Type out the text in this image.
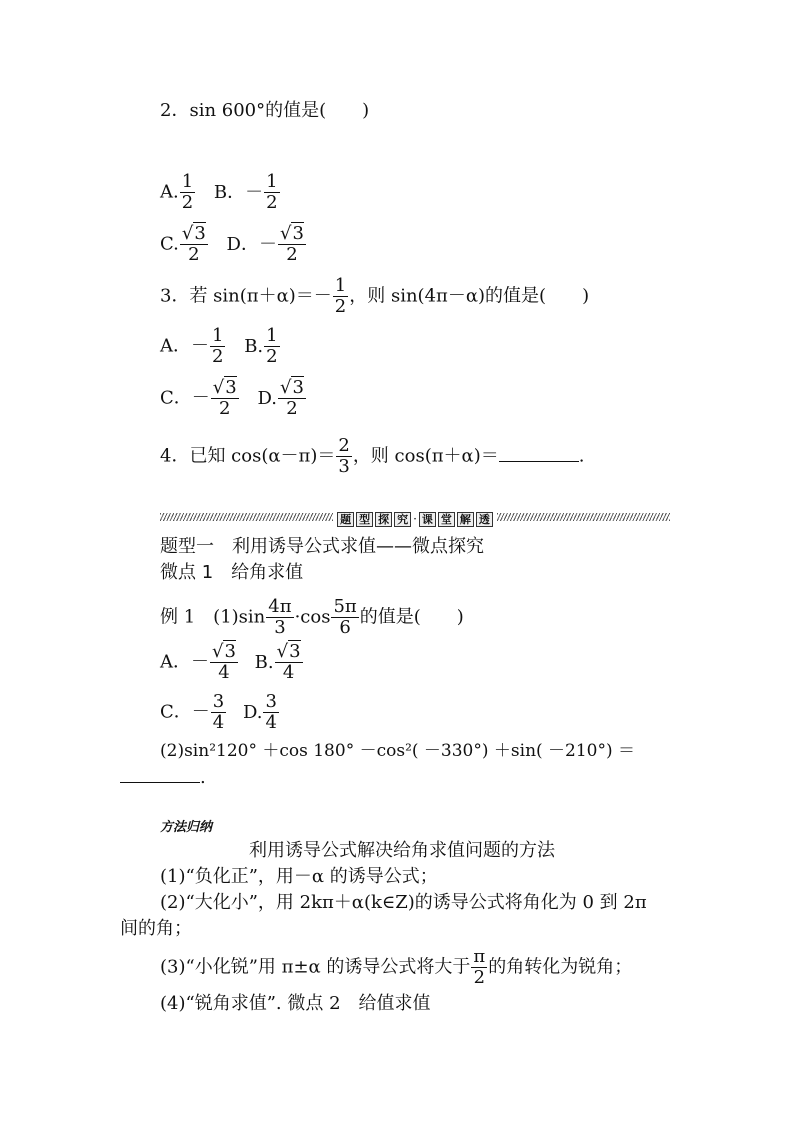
2．sin 600°的值是(　　)
A. $\frac{1}{2}$ B．－ $\frac{1}{2}$
C. $\frac{√3}{2}$ D．－ $\frac{√3}{2}$
3．若 $\sin(\pi+\alpha)=- \frac{1}{2}$ ，则 sin(4π－α)的值是(　　)
A．－ $\frac{1}{2} B$. $\frac{1}{2}$
C．－ $\frac{√3}{2} D$. $\frac{√3}{2}$
4．已知 $\cos(\alpha-\pi)= \frac{2}{3}$ ，则 cos(π＋α)＝	.
题 型 探 究 · 课 堂 解 透
题型一　利用诱导公式求值——微点探究
微点 1　给角求值
例 1　$(1)\sin \frac{4\pi}{3} \cdot\cos \frac{5\pi}{6}$ 的值是(　　)
A．－ $\frac{√3}{4} B$. $\frac{√3}{4}$
C．－ $\frac{3}{4} D$. $\frac{3}{4}$
(2)sin²120° ＋cos 180° －cos²( －330°) ＋sin( －210°) ＝
.
方法归纳
利用诱导公式解决给角求值问题的方法
(1)“负化正”，用－α 的诱导公式；
(2)“大化小”，用 2kπ＋α(k∈Z)的诱导公式将角化为 0 到 2π
间的角；
(3)“小化锐”用 π±α 的诱导公式将大于 $\frac{\pi}{2}$ 的角转化为锐角；
(4)“锐角求值”. 微点 2　给值求值
